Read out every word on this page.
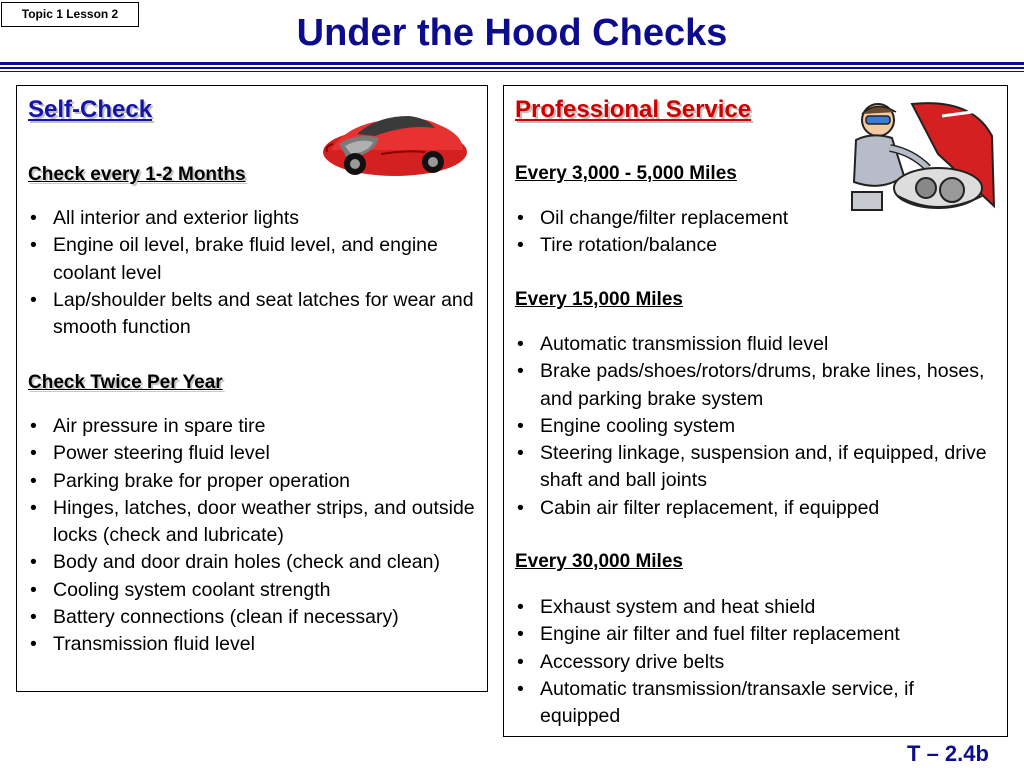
Topic 1 Lesson 2	Under the Hood Checks
Self-Check
Check every 1-2 Months
• All interior and exterior lights
• Engine oil level, brake fluid level, and engine coolant level
• Lap/shoulder belts and seat latches for wear and smooth function
Check Twice Per Year
• Air pressure in spare tire
• Power steering fluid level
• Parking brake for proper operation
• Hinges, latches, door weather strips, and outside locks (check and lubricate)
• Body and door drain holes (check and clean)
• Cooling system coolant strength
• Battery connections (clean if necessary)
• Transmission fluid level
Professional Service
Every 3,000 - 5,000 Miles
• Oil change/filter replacement
• Tire rotation/balance
Every 15,000 Miles
• Automatic transmission fluid level
• Brake pads/shoes/rotors/drums, brake lines, hoses, and parking brake system
• Engine cooling system
• Steering linkage, suspension and, if equipped, drive shaft and ball joints
• Cabin air filter replacement, if equipped
Every 30,000 Miles
• Exhaust system and heat shield
• Engine air filter and fuel filter replacement
• Accessory drive belts
• Automatic transmission/transaxle service, if equipped
T – 2.4b
